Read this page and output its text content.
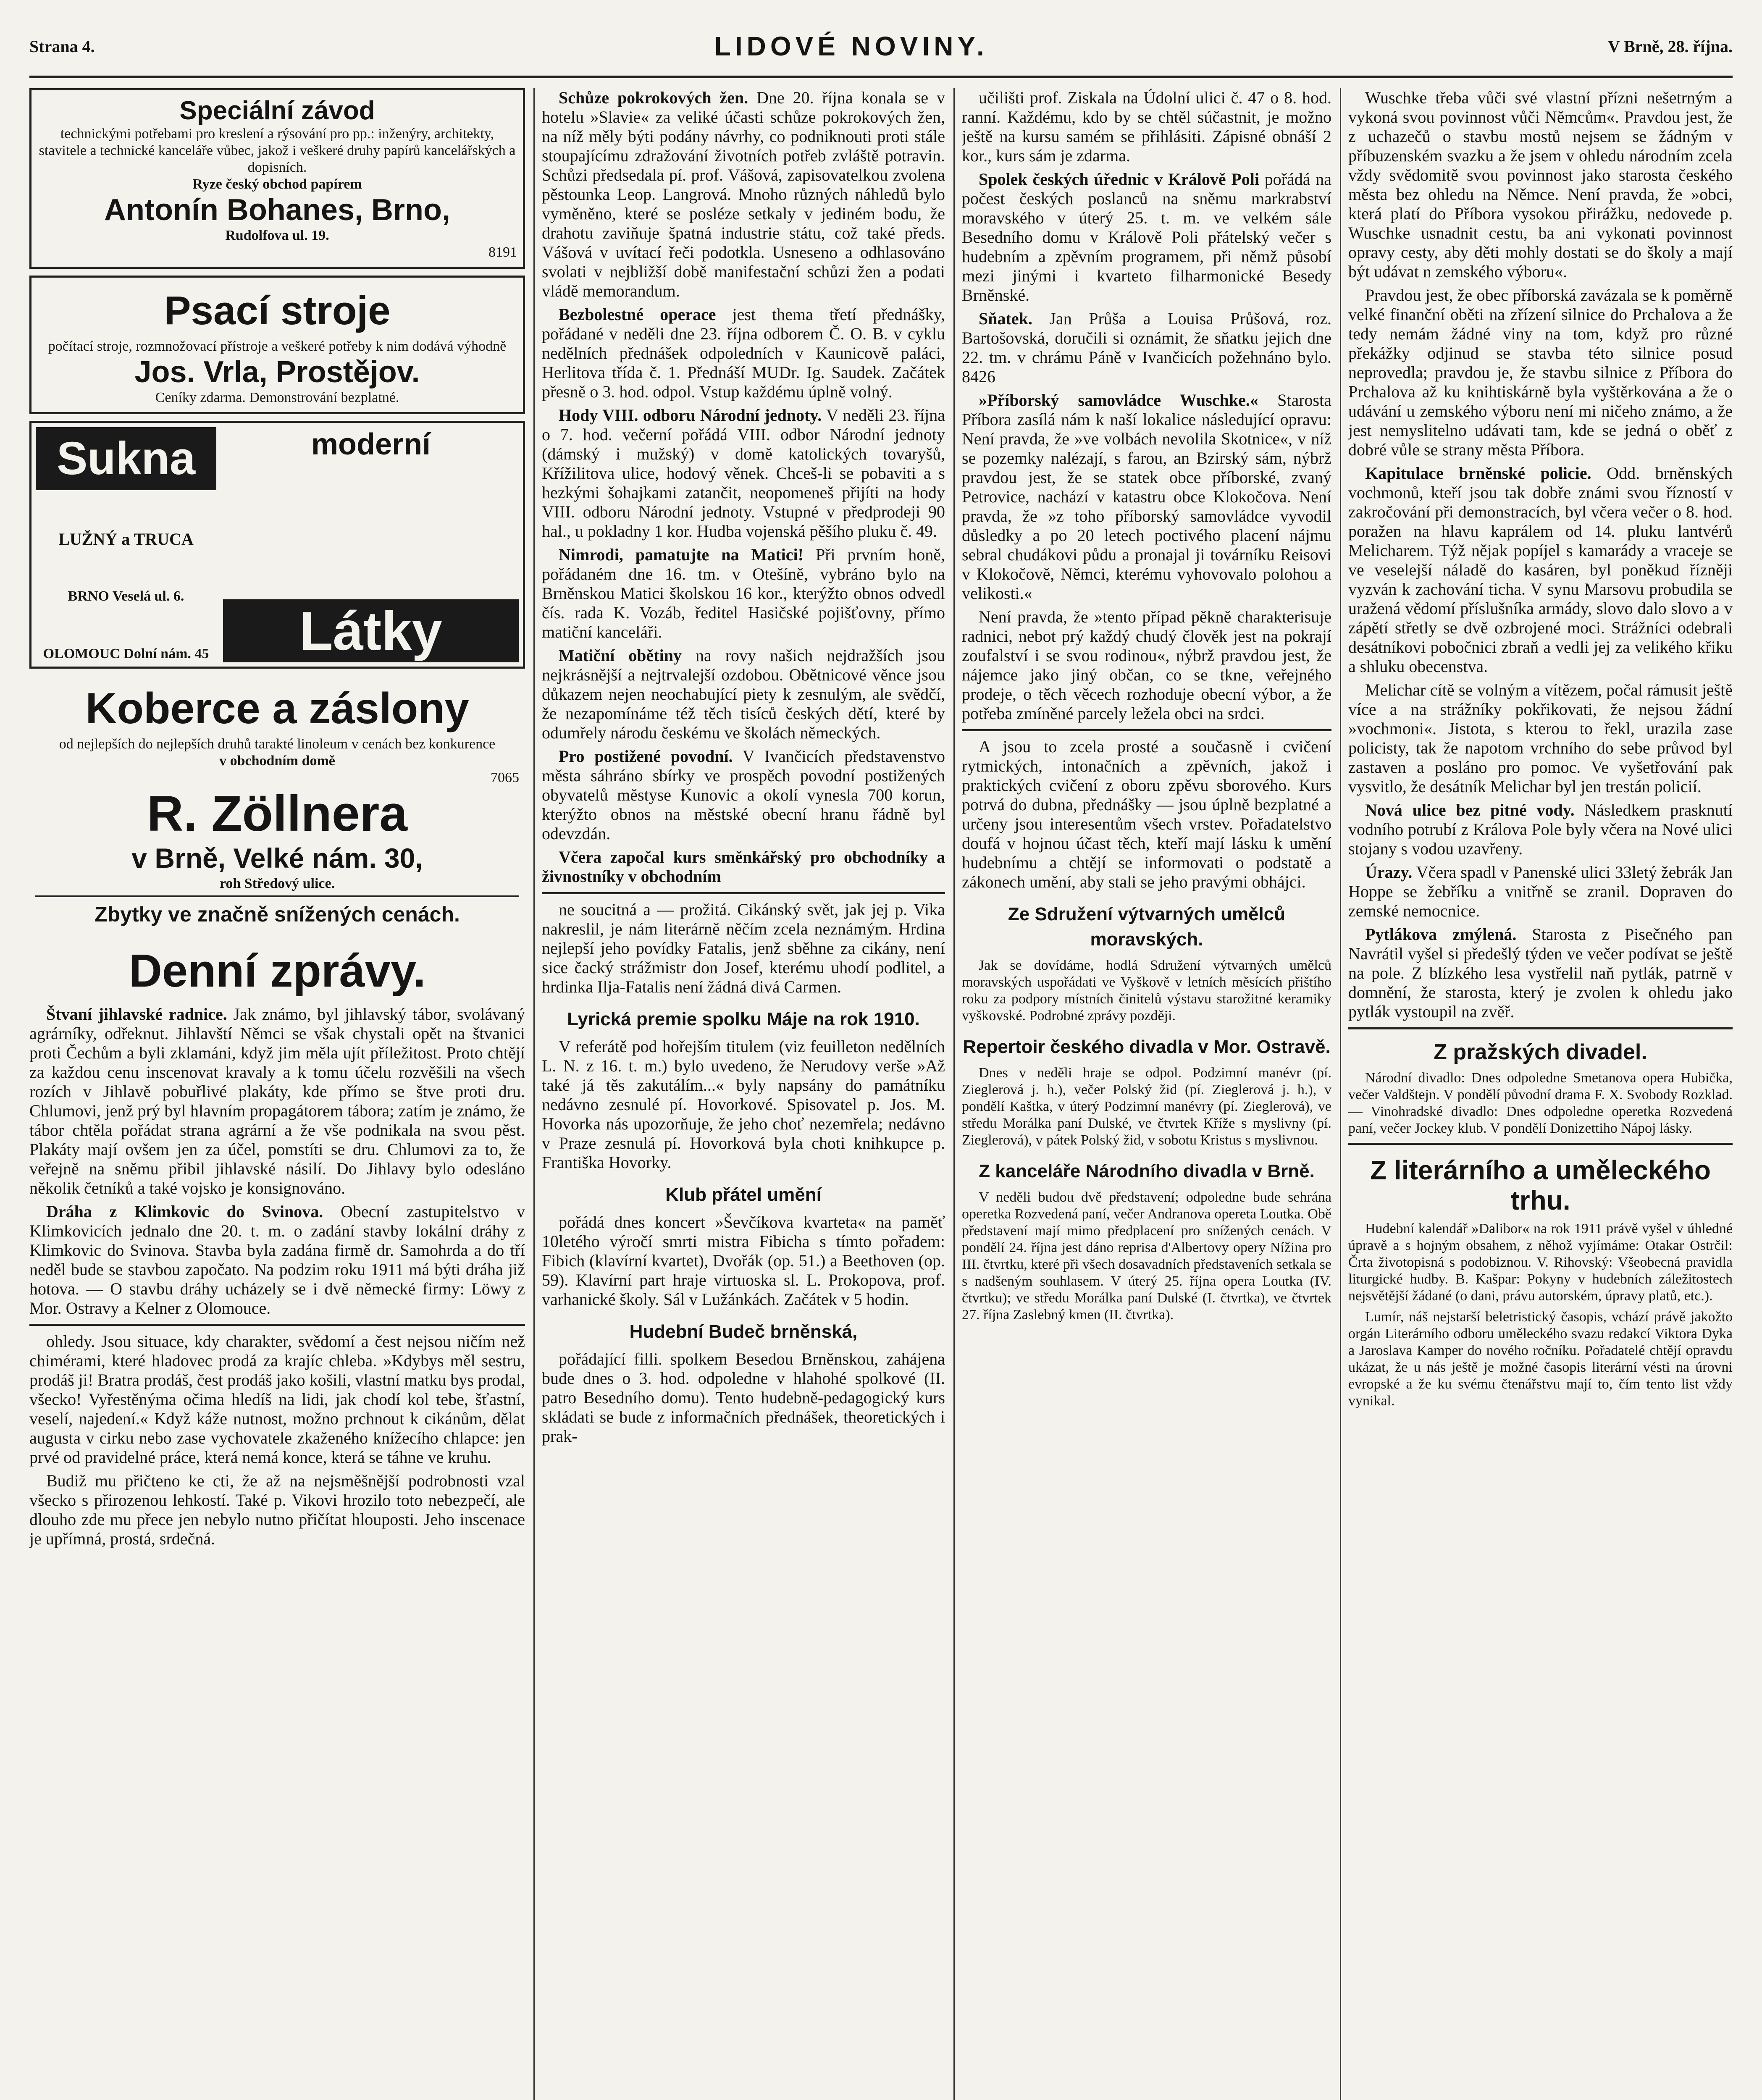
Strana 4.	LIDOVÉ NOVINY.	V Brně, 28. října.
Speciální závod
technickými potřebami pro kreslení a rýsování pro pp.: inženýry, architekty, stavitele a technické kanceláře vůbec, jakož i veškeré druhy papírů kancelářských a dopisních.
Ryze český obchod papírem
Antonín Bohanes, Brno,
Rudolfova ul. 19.
8191
Psací stroje
počítací stroje, rozmnožovací přístroje a veškeré potřeby k nim dodává výhodně
Jos. Vrla, Prostějov.
Ceníky zdarma. Demonstrování bezplatné.
Sukna
LUŽNÝ a TRUCA
BRNO Veselá ul. 6.
OLOMOUC Dolní nám. 45
moderní
Látky
Koberce a záslony
od nejlepších do nejlepších druhů tarakté linoleum v cenách bez konkurence
v obchodním domě
7065
R. Zöllnera
v Brně, Velké nám. 30,
roh Středový ulice.
Zbytky ve značně snížených cenách.
Denní zprávy.

Štvaní jihlavské radnice. Jak známo, byl jihlavský tábor, svolávaný agrárníky, odřeknut. Jihlavští Němci se však chystali opět na štvanici proti Čechům a byli zklamáni, když jim měla ujít příležitost. Proto chtějí za každou cenu inscenovat kravaly a k tomu účelu rozvěšili na všech rozích v Jihlavě pobuřlivé plakáty, kde přímo se štve proti dru. Chlumovi, jenž prý byl hlavním propagátorem tábora; zatím je známo, že tábor chtěla pořádat strana agrární a že vše podnikala na svou pěst. Plakáty mají ovšem jen za účel, pomstíti se dru. Chlumovi za to, že veřejně na sněmu přibil jihlavské násilí. Do Jihlavy bylo odesláno několik četníků a také vojsko je konsignováno.

Dráha z Klimkovic do Svinova. Obecní zastupitelstvo v Klimkovicích jednalo dne 20. t. m. o zadání stavby lokální dráhy z Klimkovic do Svinova. Stavba byla zadána firmě dr. Samohrda a do tří neděl bude se stavbou započato. Na podzim roku 1911 má býti dráha již hotova. — O stavbu dráhy ucházely se i dvě německé firmy: Löwy z Mor. Ostravy a Kelner z Olomouce.

ohledy. Jsou situace, kdy charakter, svědomí a čest nejsou ničím než chimérami, které hladovec prodá za krajíc chleba. »Kdybys měl sestru, prodáš ji! Bratra prodáš, čest prodáš jako košili, vlastní matku bys prodal, všecko! Vyřestěnýma očima hledíš na lidi, jak chodí kol tebe, šťastní, veselí, najedení.« Když káže nutnost, možno prchnout k cikánům, dělat augusta v cirku nebo zase vychovatele zkaženého knížecího chlapce: jen prvé od pravidelné práce, která nemá konce, která se táhne ve kruhu.

Budiž mu přičteno ke cti, že až na nejsměšnější podrobnosti vzal všecko s přirozenou lehkostí. Také p. Vikovi hrozilo toto nebezpečí, ale dlouho zde mu přece jen nebylo nutno přičítat hlouposti. Jeho inscenace je upřímná, prostá, srdečná.

Schůze pokrokových žen. Dne 20. října konala se v hotelu »Slavie« za veliké účasti schůze pokrokových žen, na níž měly býti podány návrhy, co podniknouti proti stále stoupajícímu zdražování životních potřeb zvláště potravin. Schůzi předsedala pí. prof. Vášová, zapisovatelkou zvolena pěstounka Leop. Langrová. Mnoho různých náhledů bylo vyměněno, které se posléze setkaly v jediném bodu, že drahotu zaviňuje špatná industrie státu, což také předs. Vášová v uvítací řeči podotkla. Usneseno a odhlasováno svolati v nejbližší době manifestační schůzi žen a podati vládě memorandum.

Bezbolestné operace jest thema třetí přednášky, pořádané v neděli dne 23. října odborem Č. O. B. v cyklu nedělních přednášek odpoledních v Kaunicově paláci, Herlitova třída č. 1. Přednáší MUDr. Ig. Saudek. Začátek přesně o 3. hod. odpol. Vstup každému úplně volný.

Hody VIII. odboru Národní jednoty. V neděli 23. října o 7. hod. večerní pořádá VIII. odbor Národní jednoty (dámský i mužský) v domě katolických tovaryšů, Křížilitova ulice, hodový věnek. Chceš-li se pobaviti a s hezkými šohajkami zatančit, neopomeneš přijíti na hody VIII. odboru Národní jednoty. Vstupné v předprodeji 90 hal., u pokladny 1 kor. Hudba vojenská pěšího pluku č. 49.

Nimrodi, pamatujte na Matici! Při prvním honě, pořádaném dne 16. tm. v Otešíně, vybráno bylo na Brněnskou Matici školskou 16 kor., kterýžto obnos odvedl čís. rada K. Vozáb, ředitel Hasičské pojišťovny, přímo matiční kanceláři.

Matiční obětiny na rovy našich nejdražších jsou nejkrásnější a nejtrvalejší ozdobou. Obětnicové věnce jsou důkazem nejen neochabující piety k zesnulým, ale svědčí, že nezapomínáme též těch tisíců českých dětí, které by odumřely národu českému ve školách německých.

Pro postižené povodní. V Ivančicích představenstvo města sáhráno sbírky ve prospěch povodní postižených obyvatelů městyse Kunovic a okolí vynesla 700 korun, kterýžto obnos na městské obecní hranu řádně byl odevzdán.

Včera započal kurs směnkářský pro obchodníky a živnostníky v obchodním

ne soucitná a — prožitá. Cikánský svět, jak jej p. Vika nakreslil, je nám literárně něčím zcela neznámým. Hrdina nejlepší jeho povídky Fatalis, jenž sběhne za cikány, není sice čacký strážmistr don Josef, kterému uhodí podlitel, a hrdinka Ilja-Fatalis není žádná divá Carmen.

Lyrická premie spolku Máje na rok 1910.

V referátě pod hořejším titulem (viz feuilleton nedělních L. N. z 16. t. m.) bylo uvedeno, že Nerudovy verše »Až také já těs zakutálím...« byly napsány do památníku nedávno zesnulé pí. Hovorkové. Spisovatel p. Jos. M. Hovorka nás upozorňuje, že jeho choť nezemřela; nedávno v Praze zesnulá pí. Hovorková byla choti knihkupce p. Františka Hovorky.

Klub přátel umění

pořádá dnes koncert »Ševčíkova kvarteta« na paměť 10letého výročí smrti mistra Fibicha s tímto pořadem: Fibich (klavírní kvartet), Dvořák (op. 51.) a Beethoven (op. 59). Klavírní part hraje virtuoska sl. L. Prokopova, prof. varhanické školy. Sál v Lužánkách. Začátek v 5 hodin.

Hudební Budeč brněnská,

pořádající filli. spolkem Besedou Brněnskou, zahájena bude dnes o 3. hod. odpoledne v hlahohé spolkové (II. patro Besedního domu). Tento hudebně-pedagogický kurs skládati se bude z informačních přednášek, theoretických i prak-

učilišti prof. Ziskala na Údolní ulici č. 47 o 8. hod. ranní. Každému, kdo by se chtěl súčastnit, je možno ještě na kursu samém se přihlásiti. Zápisné obnáší 2 kor., kurs sám je zdarma.

Spolek českých úřednic v Králově Poli pořádá na počest českých poslanců na sněmu markrabství moravského v úterý 25. t. m. ve velkém sále Besedního domu v Králově Poli přátelský večer s hudebním a zpěvním programem, při němž působí mezi jinými i kvarteto filharmonické Besedy Brněnské.

Sňatek. Jan Průša a Louisa Průšová, roz. Bartošovská, doručili si oznámit, že sňatku jejich dne 22. tm. v chrámu Páně v Ivančicích požehnáno bylo. 8426

»Příborský samovládce Wuschke.« Starosta Příbora zasílá nám k naší lokalice následující opravu: Není pravda, že »ve volbách nevolila Skotnice«, v níž se pozemky nalézají, s farou, an Bzirský sám, nýbrž pravdou jest, že se statek obce příborské, zvaný Petrovice, nachází v katastru obce Klokočova. Není pravda, že »z toho příborský samovládce vyvodil důsledky a po 20 letech poctivého placení nájmu sebral chudákovi půdu a pronajal ji továrníku Reisovi v Klokočově, Němci, kterému vyhovovalo polohou a velikosti.«

Není pravda, že »tento případ pěkně charakterisuje radnici, nebot prý každý chudý člověk jest na pokrají zoufalství i se svou rodinou«, nýbrž pravdou jest, že nájemce jako jiný občan, co se tkne, veřejného prodeje, o těch věcech rozhoduje obecní výbor, a že potřeba zmíněné parcely ležela obci na srdci.

A jsou to zcela prosté a současně i cvičení rytmických, intonačních a zpěvních, jakož i praktických cvičení z oboru zpěvu sborového. Kurs potrvá do dubna, přednášky — jsou úplně bezplatné a určeny jsou interesentům všech vrstev. Pořadatelstvo doufá v hojnou účast těch, kteří mají lásku k umění hudebnímu a chtějí se informovati o podstatě a zákonech umění, aby stali se jeho pravými obhájci.

Ze Sdružení výtvarných umělců moravských.

Jak se dovídáme, hodlá Sdružení výtvarných umělců moravských uspořádati ve Vyškově v letních měsících přištího roku za podpory místních činitelů výstavu starožitné keramiky vyškovské. Podrobné zprávy později.

Repertoir českého divadla v Mor. Ostravě.

Dnes v neděli hraje se odpol. Podzimní manévr (pí. Zieglerová j. h.), večer Polský žid (pí. Zieglerová j. h.), v pondělí Kaštka, v úterý Podzimní manévry (pí. Zieglerová), ve středu Morálka paní Dulské, ve čtvrtek Kříže s myslivny (pí. Zieglerová), v pátek Polský žid, v sobotu Kristus s myslivnou.

Z kanceláře Národního divadla v Brně.

V neděli budou dvě představení; odpoledne bude sehrána operetka Rozvedená paní, večer Andranova opereta Loutka. Obě představení mají mimo předplacení pro snížených cenách. V pondělí 24. října jest dáno reprisa d'Albertovy opery Nížina pro III. čtvrtku, které při všech dosavadních představeních setkala se s nadšeným souhlasem. V úterý 25. října opera Loutka (IV. čtvrtku); ve středu Morálka paní Dulské (I. čtvrtka), ve čtvrtek 27. října Zaslebný kmen (II. čtvrtka).

Wuschke třeba vůči své vlastní přízni nešetrným a vykoná svou povinnost vůči Němcům«. Pravdou jest, že z uchazečů o stavbu mostů nejsem se žádným v příbuzenském svazku a že jsem v ohledu národním zcela vždy svědomitě svou povinnost jako starosta českého města bez ohledu na Němce. Není pravda, že »obci, která platí do Příbora vysokou přirážku, nedovede p. Wuschke usnadnit cestu, ba ani vykonati povinnost opravy cesty, aby děti mohly dostati se do školy a mají být udávat n zemského výboru«.

Pravdou jest, že obec příborská zavázala se k poměrně velké finanční oběti na zřízení silnice do Prchalova a že tedy nemám žádné viny na tom, když pro různé překážky odjinud se stavba této silnice posud neprovedla; pravdou je, že stavbu silnice z Příbora do Prchalova až ku knihtiskárně byla vyštěrkována a že o udávání u zemského výboru není mi ničeho známo, a že jest nemyslitelno udávati tam, kde se jedná o oběť z dobré vůle se strany města Příbora.

Kapitulace brněnské policie. Odd. brněnských vochmonů, kteří jsou tak dobře známi svou řízností v zakročování při demonstracích, byl včera večer o 8. hod. poražen na hlavu kaprálem od 14. pluku lantvérů Melicharem. Týž nějak popíjel s kamarády a vraceje se ve veselejší náladě do kasáren, byl poněkud řízněji vyzván k zachování ticha. V synu Marsovu probudila se uražená vědomí příslušníka armády, slovo dalo slovo a v zápětí střetly se dvě ozbrojené moci. Strážníci odebrali desátníkovi pobočnici zbraň a vedli jej za velikého křiku a shluku obecenstva.

Melichar cítě se volným a vítězem, počal rámusit ještě více a na strážníky pokřikovati, že nejsou žádní »vochmoni«. Jistota, s kterou to řekl, urazila zase policisty, tak že napotom vrchního do sebe průvod byl zastaven a posláno pro pomoc. Ve vyšetřování pak vysvitlo, že desátník Melichar byl jen trestán policií.

Nová ulice bez pitné vody. Následkem prasknutí vodního potrubí z Králova Pole byly včera na Nové ulici stojany s vodou uzavřeny.

Úrazy. Včera spadl v Panenské ulici 33letý žebrák Jan Hoppe se žebříku a vnitřně se zranil. Dopraven do zemské nemocnice.

Pytlákova zmýlená. Starosta z Pisečného pan Navrátil vyšel si předešlý týden ve večer podívat se ještě na pole. Z blízkého lesa vystřelil naň pytlák, patrně v domnění, že starosta, který je zvolen k ohledu jako pytlák vystoupil na zvěř.

Z pražských divadel.

Národní divadlo: Dnes odpoledne Smetanova opera Hubička, večer Valdštejn. V pondělí původní drama F. X. Svobody Rozklad. — Vinohradské divadlo: Dnes odpoledne operetka Rozvedená paní, večer Jockey klub. V pondělí Donizettiho Nápoj lásky.

Z literárního a uměleckého trhu.

Hudební kalendář »Dalibor« na rok 1911 právě vyšel v úhledné úpravě a s hojným obsahem, z něhož vyjímáme: Otakar Ostrčil: Črta životopisná s podobiznou. V. Rihovský: Všeobecná pravidla liturgické hudby. B. Kašpar: Pokyny v hudebních záležitostech nejsvětější žádané (o dani, právu autorském, úpravy platů, etc.).

Lumír, náš nejstarší beletristický časopis, vchází právě jakožto orgán Literárního odboru uměleckého svazu redakcí Viktora Dyka a Jaroslava Kamper do nového ročníku. Pořadatelé chtějí opravdu ukázat, že u nás ještě je možné časopis literární vésti na úrovni evropské a že ku svému čtenářstvu mají to, čím tento list vždy vynikal.
